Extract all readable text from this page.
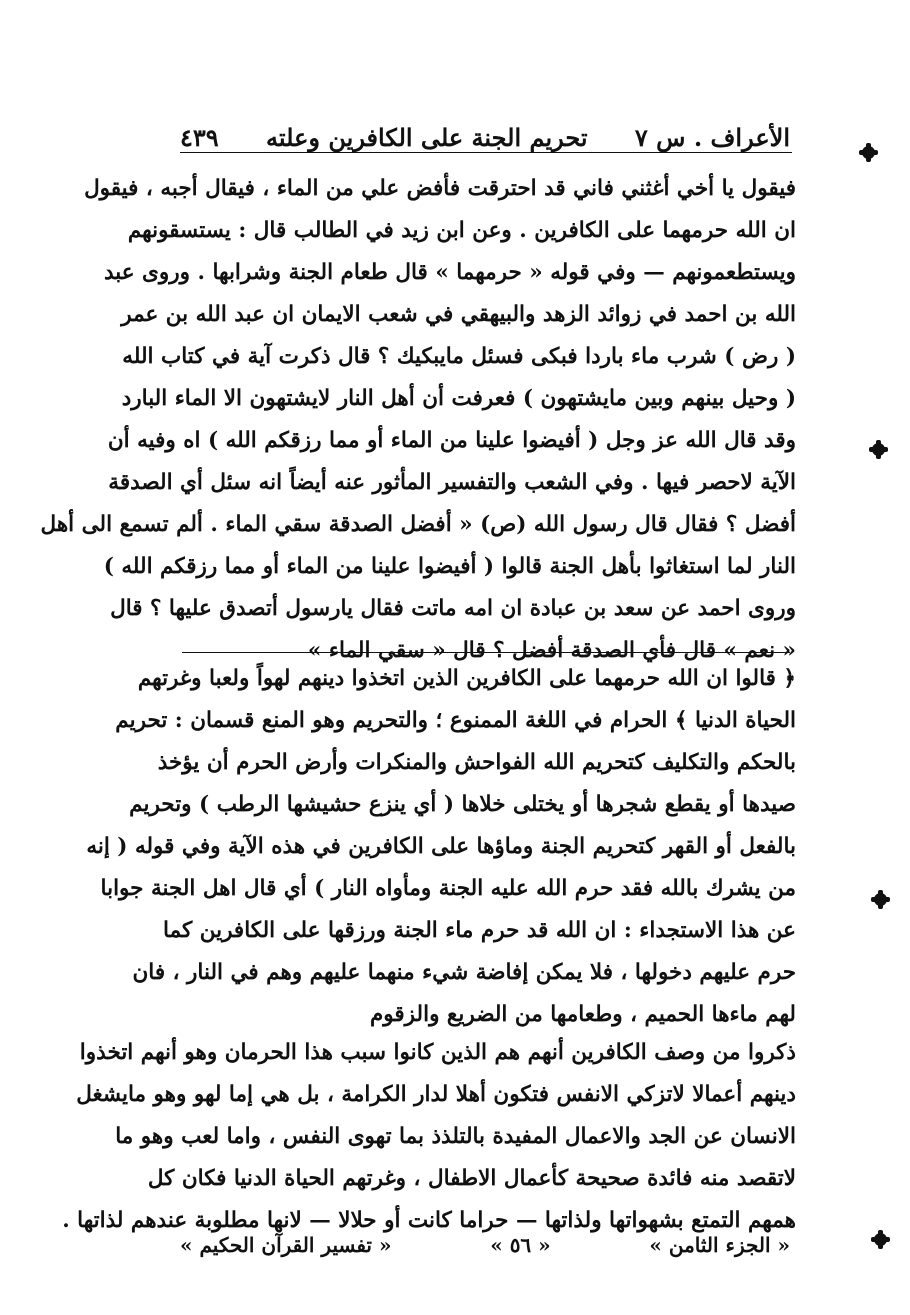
الأعراف . س ٧
تحريم الجنة على الكافرين وعلته
٤٣٩
فيقول يا أخي أغثني فاني قد احترقت فأفض علي من الماء ، فيقال أجبه ، فيقول
ان الله حرمهما على الكافرين . وعن ابن زيد في الطالب قال : يستسقونهم
ويستطعمونهم — وفي قوله « حرمهما » قال طعام الجنة وشرابها . وروى عبد
الله بن احمد في زوائد الزهد والبيهقي في شعب الايمان ان عبد الله بن عمر
( رض ) شرب ماء باردا فبكى فسئل مايبكيك ؟ قال ذكرت آية في كتاب الله
( وحيل بينهم وبين مايشتهون ) فعرفت أن أهل النار لايشتهون الا الماء البارد
وقد قال الله عز وجل ( أفيضوا علينا من الماء أو مما رزقكم الله ) اه وفيه أن
الآية لاحصر فيها . وفي الشعب والتفسير المأثور عنه أيضاً انه سئل أي الصدقة
أفضل ؟ فقال قال رسول الله (ص) « أفضل الصدقة سقي الماء . ألم تسمع الى أهل
النار لما استغاثوا بأهل الجنة قالوا ( أفيضوا علينا من الماء أو مما رزقكم الله )
وروى احمد عن سعد بن عبادة ان امه ماتت فقال يارسول أتصدق عليها ؟ قال
« نعم » قال فأي الصدقة أفضل ؟ قال « سقي الماء »
﴿ قالوا ان الله حرمهما على الكافرين الذين اتخذوا دينهم لهواً ولعبا وغرتهم
الحياة الدنيا ﴾ الحرام في اللغة الممنوع ؛ والتحريم وهو المنع قسمان : تحريم
بالحكم والتكليف كتحريم الله الفواحش والمنكرات وأرض الحرم أن يؤخذ
صيدها أو يقطع شجرها أو يختلى خلاها ( أي ينزع حشيشها الرطب ) وتحريم
بالفعل أو القهر كتحريم الجنة وماؤها على الكافرين في هذه الآية وفي قوله ( إنه
من يشرك بالله فقد حرم الله عليه الجنة ومأواه النار ) أي قال اهل الجنة جوابا
عن هذا الاستجداء : ان الله قد حرم ماء الجنة ورزقها على الكافرين كما
حرم عليهم دخولها ، فلا يمكن إفاضة شيء منهما عليهم وهم في النار ، فان
لهم ماءها الحميم ، وطعامها من الضريع والزقوم
ذكروا من وصف الكافرين أنهم هم الذين كانوا سبب هذا الحرمان وهو أنهم اتخذوا
دينهم أعمالا لاتزكي الانفس فتكون أهلا لدار الكرامة ، بل هي إما لهو وهو مايشغل
الانسان عن الجد والاعمال المفيدة بالتلذذ بما تهوى النفس ، واما لعب وهو ما
لاتقصد منه فائدة صحيحة كأعمال الاطفال ، وغرتهم الحياة الدنيا فكان كل
همهم التمتع بشهواتها ولذاتها — حراما كانت أو حلالا — لانها مطلوبة عندهم لذاتها .
« الجزء الثامن »
« ٥٦ »
« تفسير القرآن الحكيم »
